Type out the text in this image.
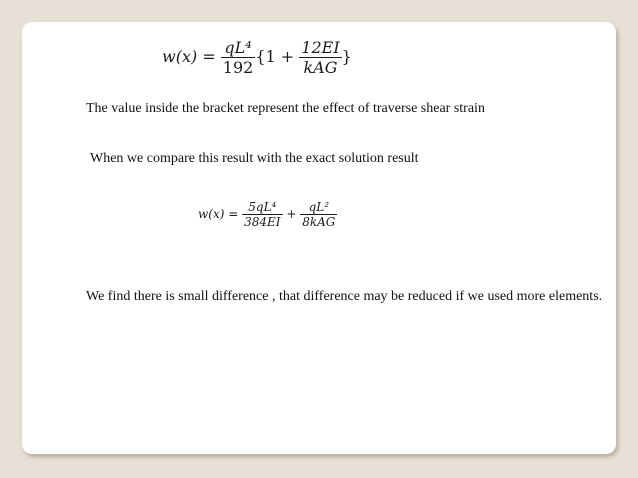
$w(x) = \frac{\text{qL⁴}}{192} \{1 + \frac{12EI}{\text{kAG}}$ }
The value inside the bracket represent the effect of traverse shear strain
When we compare this result with the exact solution result
$w(x) = \frac{\text{5qL⁴}}{384EI} + \frac{\text{qL²}}{\text{8kAG}}$
We find there is small difference , that difference may be reduced if we used more elements.
